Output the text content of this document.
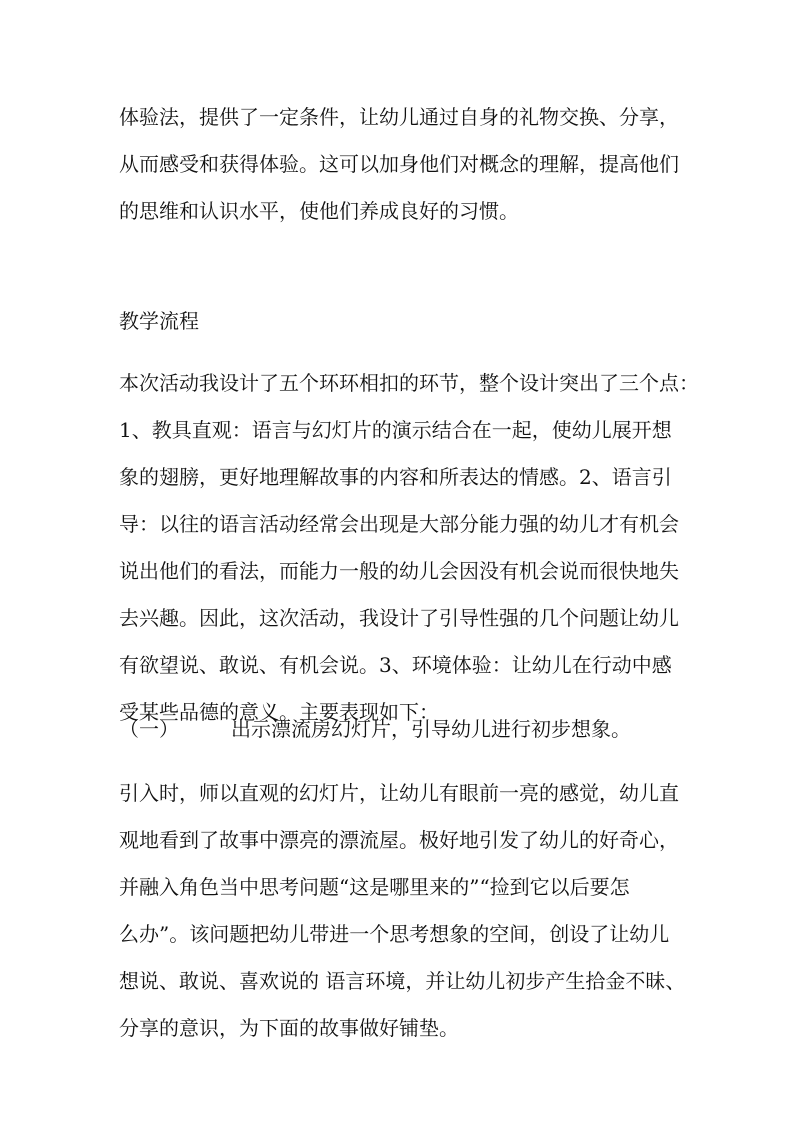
体验法，提供了一定条件，让幼儿通过自身的礼物交换、分享，
从而感受和获得体验。这可以加身他们对概念的理解，提高他们
的思维和认识水平，使他们养成良好的习惯。
教学流程
本次活动我设计了五个环环相扣的环节，整个设计突出了三个点：
1、教具直观：语言与幻灯片的演示结合在一起，使幼儿展开想
象的翅膀，更好地理解故事的内容和所表达的情感。2、语言引
导：以往的语言活动经常会出现是大部分能力强的幼儿才有机会
说出他们的看法，而能力一般的幼儿会因没有机会说而很快地失
去兴趣。因此，这次活动，我设计了引导性强的几个问题让幼儿
有欲望说、敢说、有机会说。3、环境体验：让幼儿在行动中感
受某些品德的意义。主要表现如下：
（一）	出示漂流房幻灯片，引导幼儿进行初步想象。
引入时，师以直观的幻灯片，让幼儿有眼前一亮的感觉，幼儿直
观地看到了故事中漂亮的漂流屋。极好地引发了幼儿的好奇心，
并融入角色当中思考问题“这是哪里来的”“捡到它以后要怎
么办”。该问题把幼儿带进一个思考想象的空间，创设了让幼儿
想说、敢说、喜欢说的 语言环境，并让幼儿初步产生拾金不昧、
分享的意识，为下面的故事做好铺垫。
